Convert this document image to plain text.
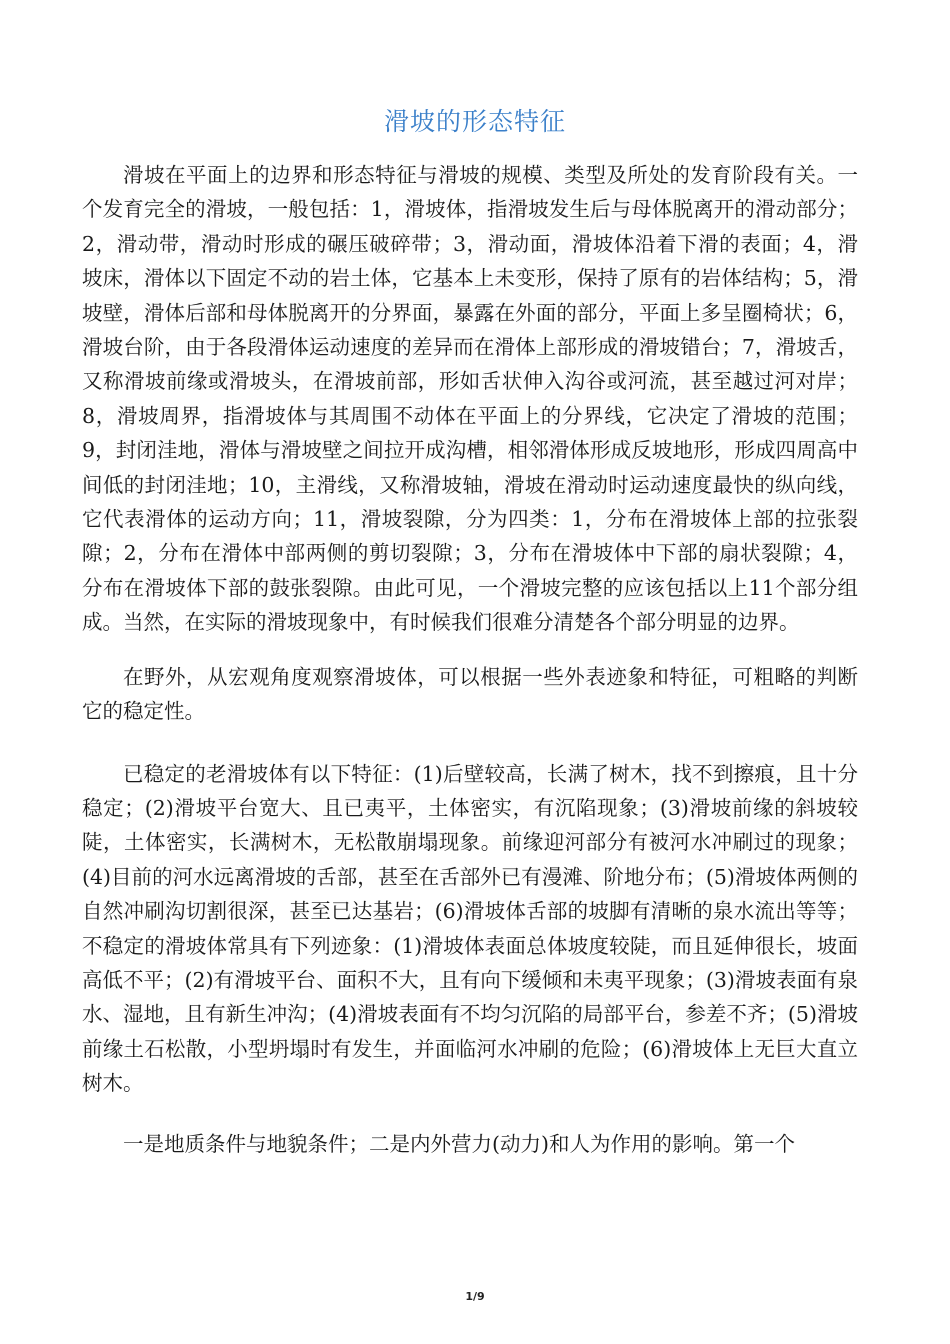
滑坡的形态特征

滑坡在平面上的边界和形态特征与滑坡的规模、类型及所处的发育阶段有关。一个发育完全的滑坡，一般包括：1，滑坡体，指滑坡发生后与母体脱离开的滑动部分；2，滑动带，滑动时形成的碾压破碎带；3，滑动面，滑坡体沿着下滑的表面；4，滑坡床，滑体以下固定不动的岩土体，它基本上未变形，保持了原有的岩体结构；5，滑坡壁，滑体后部和母体脱离开的分界面，暴露在外面的部分，平面上多呈圈椅状；6，滑坡台阶，由于各段滑体运动速度的差异而在滑体上部形成的滑坡错台；7，滑坡舌，又称滑坡前缘或滑坡头，在滑坡前部，形如舌状伸入沟谷或河流，甚至越过河对岸；8，滑坡周界，指滑坡体与其周围不动体在平面上的分界线，它决定了滑坡的范围；9，封闭洼地，滑体与滑坡壁之间拉开成沟槽，相邻滑体形成反坡地形，形成四周高中间低的封闭洼地；10，主滑线，又称滑坡轴，滑坡在滑动时运动速度最快的纵向线，它代表滑体的运动方向；11，滑坡裂隙，分为四类：1，分布在滑坡体上部的拉张裂隙；2，分布在滑体中部两侧的剪切裂隙；3，分布在滑坡体中下部的扇状裂隙；4，分布在滑坡体下部的鼓张裂隙。由此可见，一个滑坡完整的应该包括以上11个部分组成。当然，在实际的滑坡现象中，有时候我们很难分清楚各个部分明显的边界。

在野外，从宏观角度观察滑坡体，可以根据一些外表迹象和特征，可粗略的判断它的稳定性。

已稳定的老滑坡体有以下特征：(1)后壁较高，长满了树木，找不到擦痕，且十分稳定；(2)滑坡平台宽大、且已夷平，土体密实，有沉陷现象；(3)滑坡前缘的斜坡较陡，土体密实，长满树木，无松散崩塌现象。前缘迎河部分有被河水冲刷过的现象；(4)目前的河水远离滑坡的舌部，甚至在舌部外已有漫滩、阶地分布；(5)滑坡体两侧的自然冲刷沟切割很深，甚至已达基岩；(6)滑坡体舌部的坡脚有清晰的泉水流出等等；不稳定的滑坡体常具有下列迹象：(1)滑坡体表面总体坡度较陡，而且延伸很长，坡面高低不平；(2)有滑坡平台、面积不大，且有向下缓倾和未夷平现象；(3)滑坡表面有泉水、湿地，且有新生冲沟；(4)滑坡表面有不均匀沉陷的局部平台，参差不齐；(5)滑坡前缘土石松散，小型坍塌时有发生，并面临河水冲刷的危险；(6)滑坡体上无巨大直立树木。

一是地质条件与地貌条件；二是内外营力(动力)和人为作用的影响。第一个

1/9
